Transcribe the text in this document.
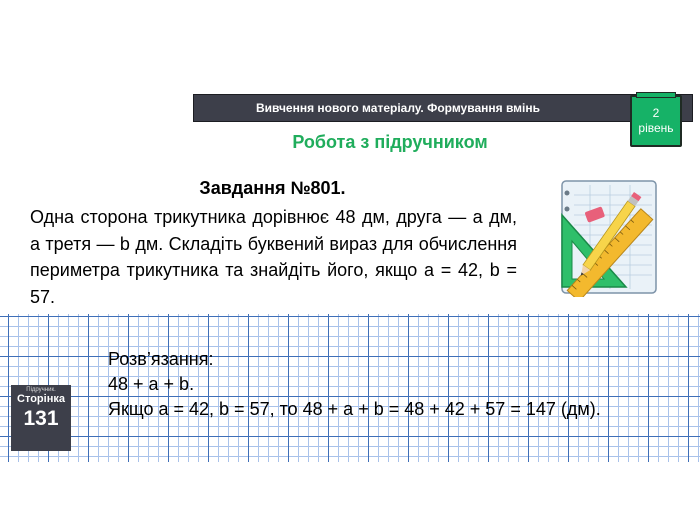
Вивчення нового матеріалу. Формування вмінь	2
рівень
Робота з підручником
Завдання №801.
Одна сторона трикутника дорівнює 48 дм, друга — a дм, а третя — b дм. Складіть буквений вираз для обчислення периметра трикутника та знайдіть його, якщо a = 42, b = 57.
Розв’язання:
48 + a + b.
Якщо a = 42, b = 57, то 48 + a + b = 48 + 42 + 57 = 147 (дм).
Підручник.
Сторінка
131
